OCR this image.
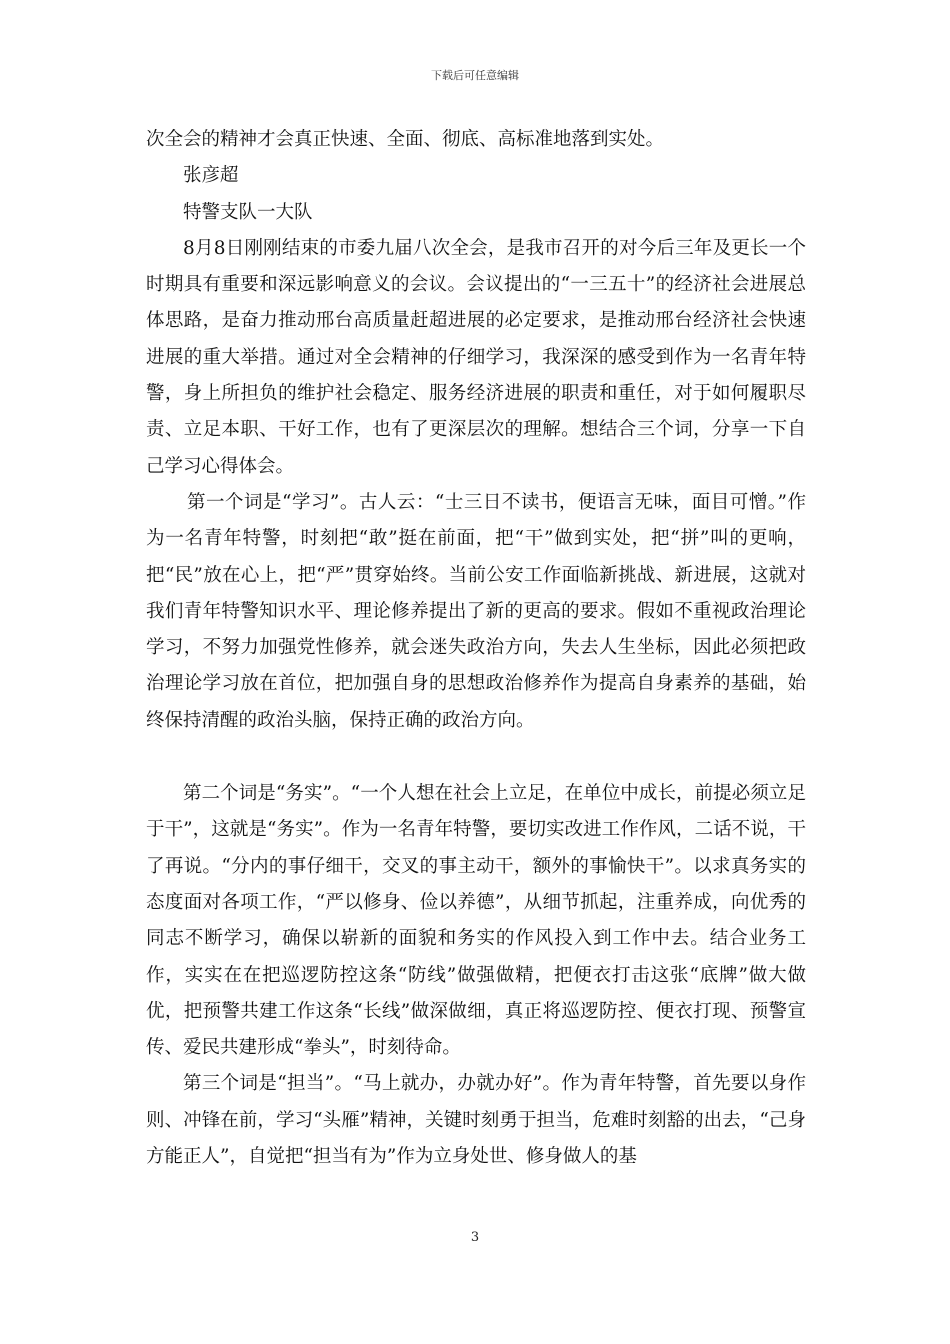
下载后可任意编辑

次全会的精神才会真正快速、全面、彻底、高标准地落到实处。

张彦超

特警支队一大队

8月8日刚刚结束的市委九届八次全会，是我市召开的对今后三年及更长一个时期具有重要和深远影响意义的会议。会议提出的“一三五十”的经济社会进展总体思路，是奋力推动邢台高质量赶超进展的必定要求，是推动邢台经济社会快速进展的重大举措。通过对全会精神的仔细学习，我深深的感受到作为一名青年特警，身上所担负的维护社会稳定、服务经济进展的职责和重任，对于如何履职尽责、立足本职、干好工作，也有了更深层次的理解。想结合三个词，分享一下自己学习心得体会。

第一个词是“学习”。古人云：“士三日不读书，便语言无味，面目可憎。”作为一名青年特警，时刻把“敢”挺在前面，把“干”做到实处，把“拼”叫的更响，把“民”放在心上，把“严”贯穿始终。当前公安工作面临新挑战、新进展，这就对我们青年特警知识水平、理论修养提出了新的更高的要求。假如不重视政治理论学习，不努力加强党性修养，就会迷失政治方向，失去人生坐标，因此必须把政治理论学习放在首位，把加强自身的思想政治修养作为提高自身素养的基础，始终保持清醒的政治头脑，保持正确的政治方向。

第二个词是“务实”。“一个人想在社会上立足，在单位中成长，前提必须立足于干”，这就是“务实”。作为一名青年特警，要切实改进工作作风，二话不说，干了再说。“分内的事仔细干，交叉的事主动干，额外的事愉快干”。以求真务实的态度面对各项工作，“严以修身、俭以养德”，从细节抓起，注重养成，向优秀的同志不断学习，确保以崭新的面貌和务实的作风投入到工作中去。结合业务工作，实实在在把巡逻防控这条“防线”做强做精，把便衣打击这张“底牌”做大做优，把预警共建工作这条“长线”做深做细，真正将巡逻防控、便衣打现、预警宣传、爱民共建形成“拳头”，时刻待命。

第三个词是“担当”。“马上就办，办就办好”。作为青年特警，首先要以身作则、冲锋在前，学习“头雁”精神，关键时刻勇于担当，危难时刻豁的出去，“己身方能正人”，自觉把“担当有为”作为立身处世、修身做人的基

3
